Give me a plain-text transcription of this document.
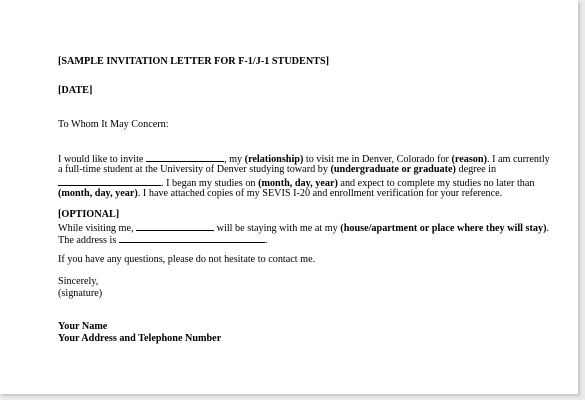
[SAMPLE INVITATION LETTER FOR F-1/J-1 STUDENTS]
[DATE]
To Whom It May Concern:
I would like to invite	, my (relationship) to visit me in Denver, Colorado for (reason). I am currently
a full-time student at the University of Denver studying toward by (undergraduate or graduate) degree in
. I began my studies on (month, day, year) and expect to complete my studies no later than
(month, day, year). I have attached copies of my SEVIS I-20 and enrollment verification for your reference.
[OPTIONAL]
While visiting me,	will be staying with me at my (house/apartment or place where they will stay).
The address is	.
If you have any questions, please do not hesitate to contact me.
Sincerely,
(signature)
Your Name
Your Address and Telephone Number
